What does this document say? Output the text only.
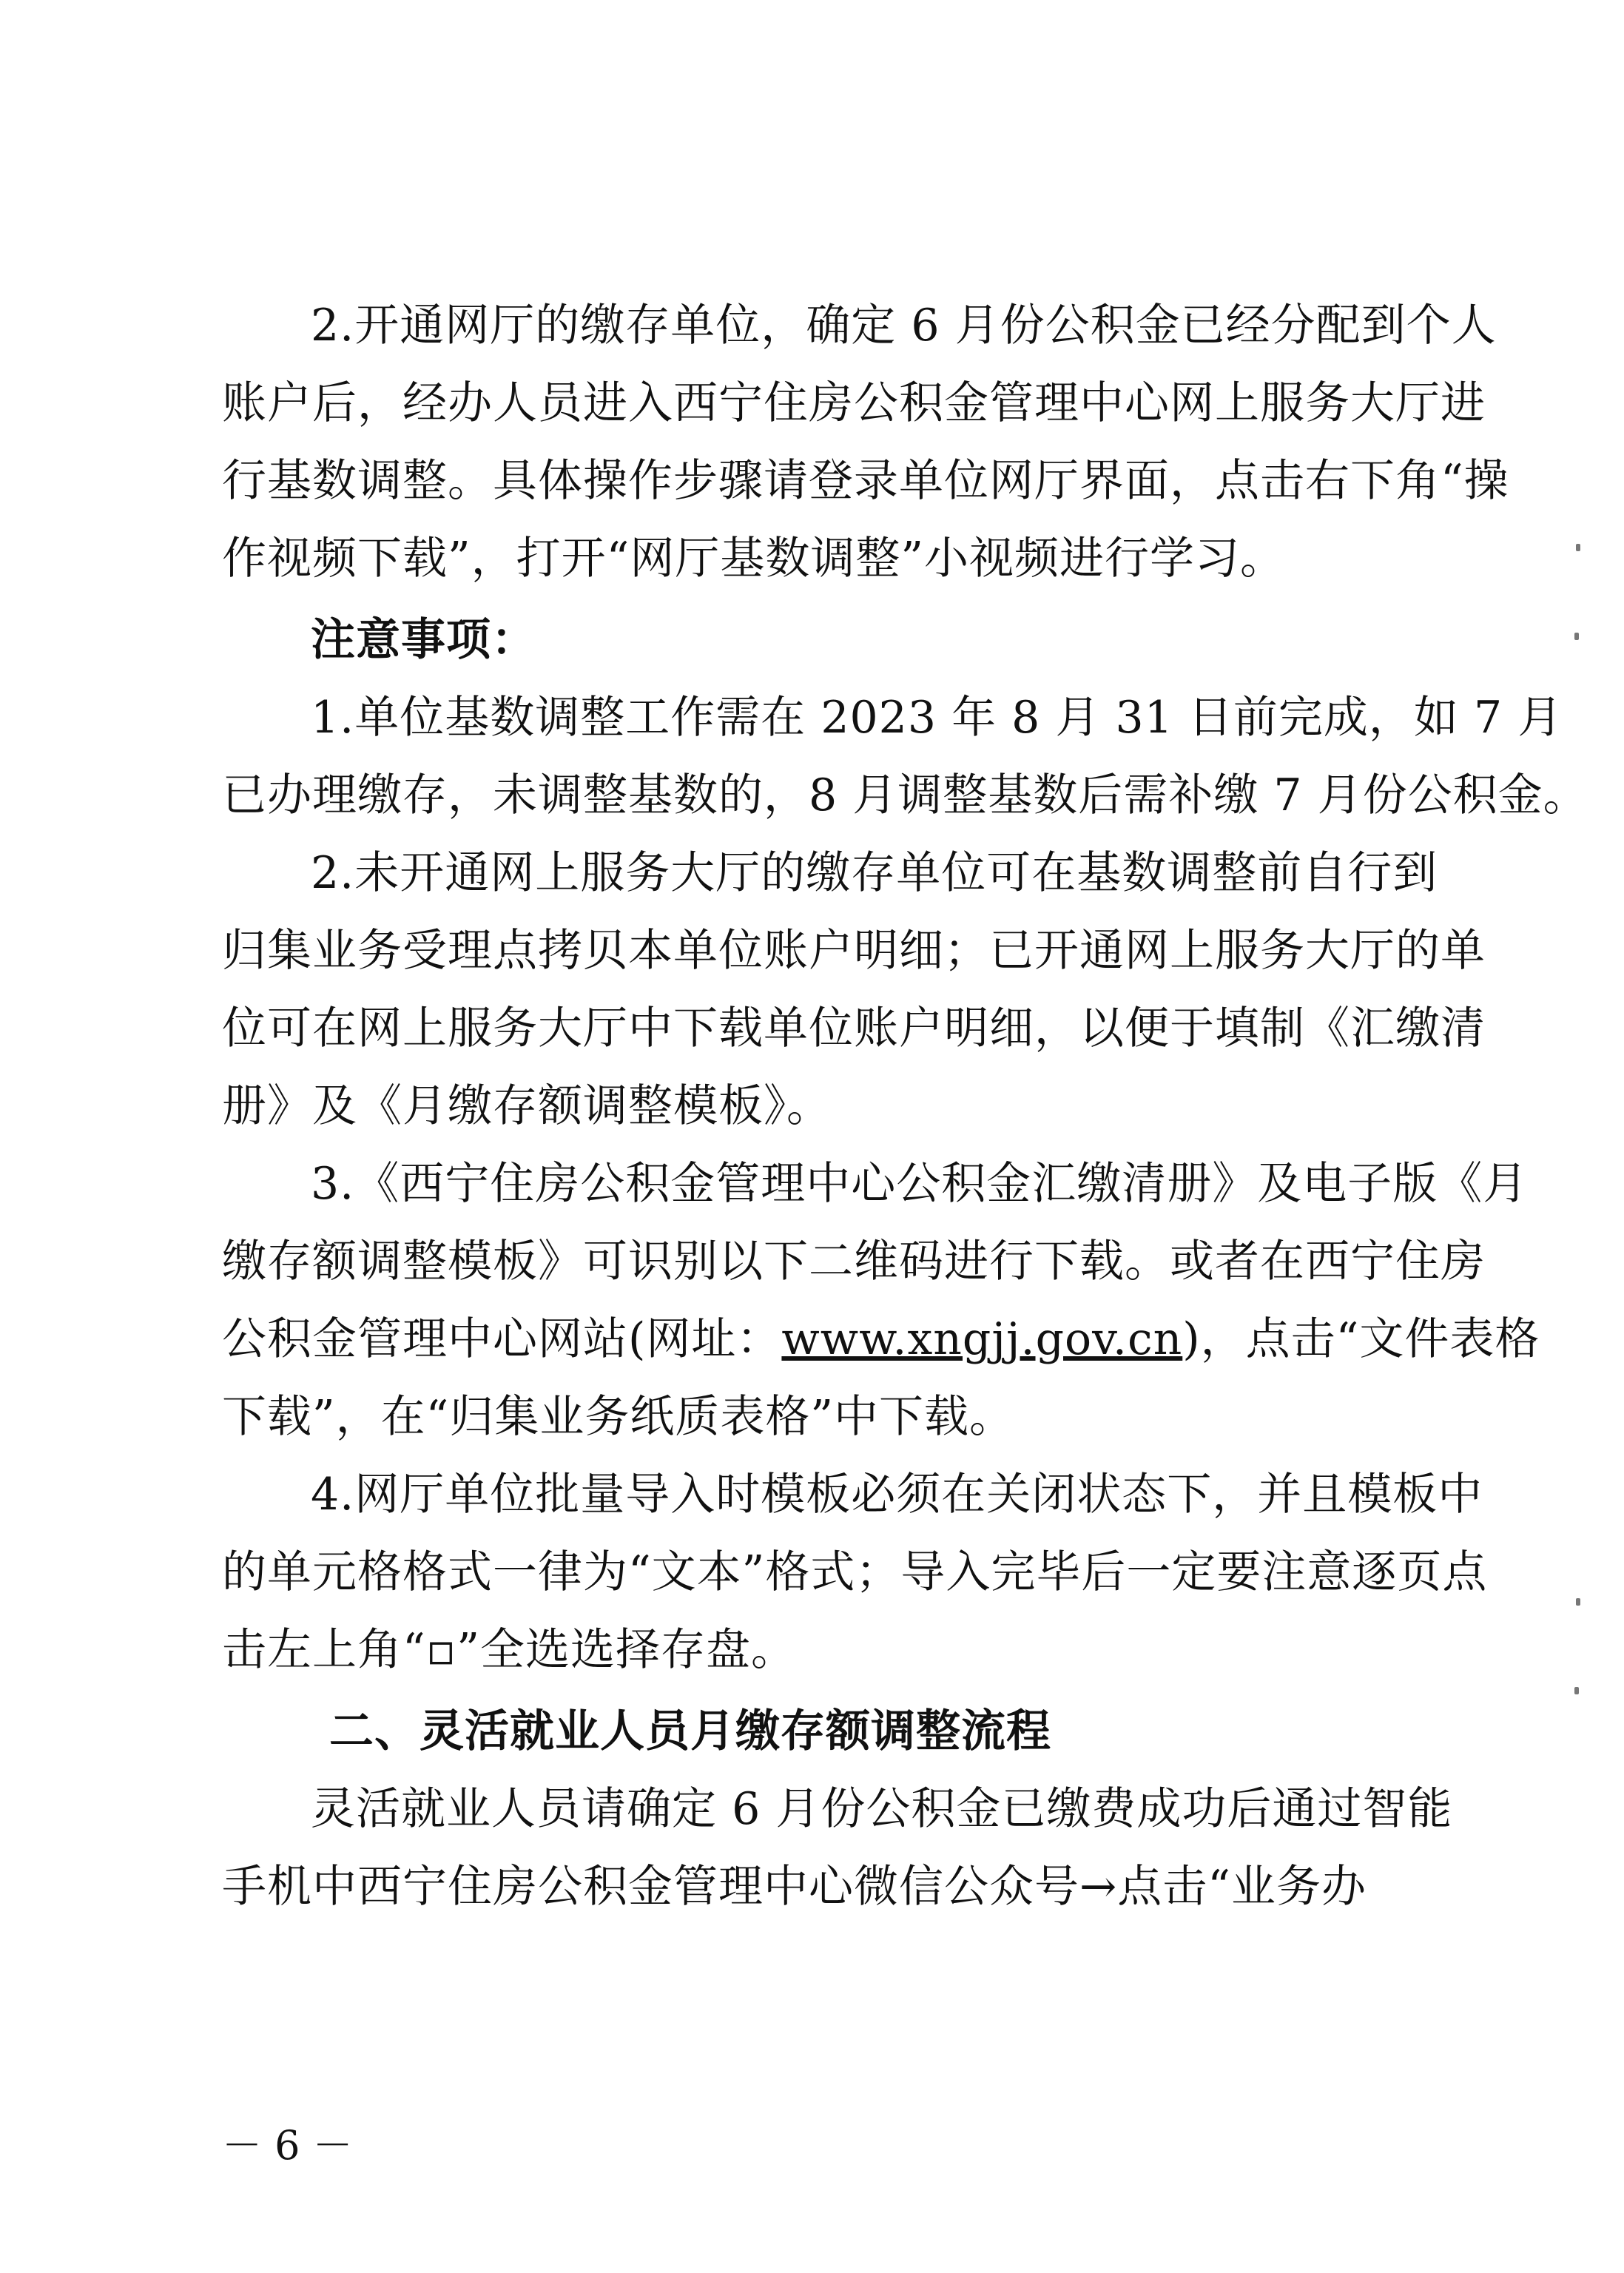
2.开通网厅的缴存单位，确定 6 月份公积金已经分配到个人
账户后，经办人员进入西宁住房公积金管理中心网上服务大厅进
行基数调整。具体操作步骤请登录单位网厅界面，点击右下角“操
作视频下载”，打开“网厅基数调整”小视频进行学习。
注意事项：
1.单位基数调整工作需在 2023 年 8 月 31 日前完成，如 7 月
已办理缴存，未调整基数的，8 月调整基数后需补缴 7 月份公积金。
2.未开通网上服务大厅的缴存单位可在基数调整前自行到
归集业务受理点拷贝本单位账户明细；已开通网上服务大厅的单
位可在网上服务大厅中下载单位账户明细，以便于填制《汇缴清
册》及《月缴存额调整模板》。
3.《西宁住房公积金管理中心公积金汇缴清册》及电子版《月
缴存额调整模板》可识别以下二维码进行下载。或者在西宁住房
公积金管理中心网站(网址：www.xngjj.gov.cn)，点击“文件表格
下载”，在“归集业务纸质表格”中下载。
4.网厅单位批量导入时模板必须在关闭状态下，并且模板中
的单元格格式一律为“文本”格式；导入完毕后一定要注意逐页点
击左上角“▫”全选选择存盘。
二、灵活就业人员月缴存额调整流程
灵活就业人员请确定 6 月份公积金已缴费成功后通过智能
手机中西宁住房公积金管理中心微信公众号→点击“业务办
－ 6 －
